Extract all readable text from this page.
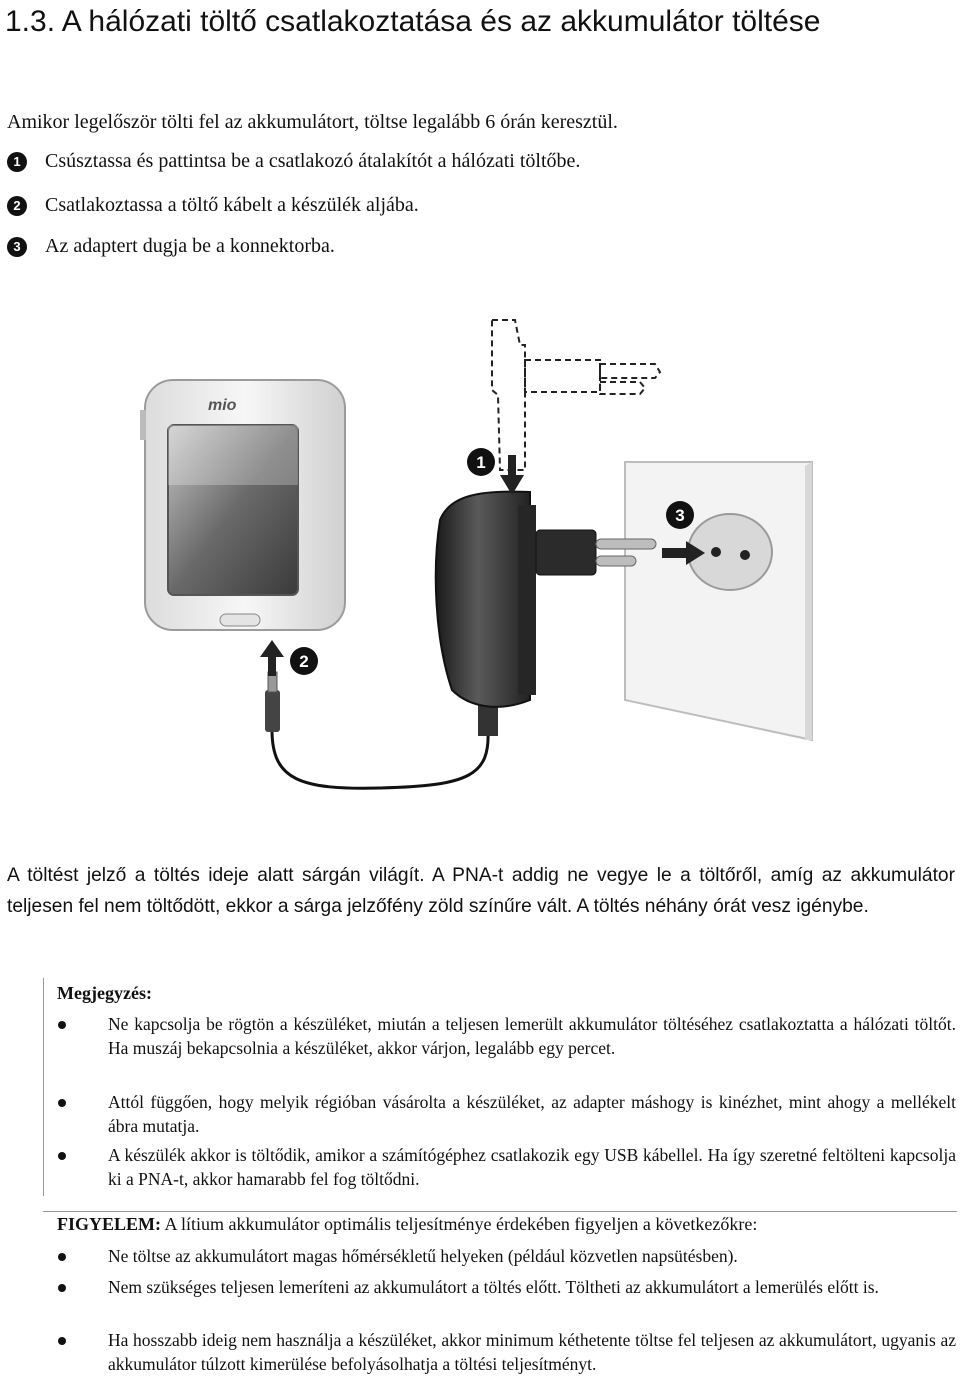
1.3. A hálózati töltő csatlakoztatása és az akkumulátor töltése
Amikor legelőször tölti fel az akkumulátort, töltse legalább 6 órán keresztül.
1 Csúsztassa és pattintsa be a csatlakozó átalakítót a hálózati töltőbe.
2 Csatlakoztassa a töltő kábelt a készülék aljába.
3 Az adaptert dugja be a konnektorba.
mio
1
2
3
A töltést jelző a töltés ideje alatt sárgán világít. A PNA-t addig ne vegye le a töltőről, amíg az akkumulátor teljesen fel nem töltődött, ekkor a sárga jelzőfény zöld színűre vált. A töltés néhány órát vesz igénybe.
Megjegyzés:
Ne kapcsolja be rögtön a készüléket, miután a teljesen lemerült akkumulátor töltéséhez csatlakoztatta a hálózati töltőt. Ha muszáj bekapcsolnia a készüléket, akkor várjon, legalább egy percet.
Attól függően, hogy melyik régióban vásárolta a készüléket, az adapter máshogy is kinézhet, mint ahogy a mellékelt ábra mutatja.
A készülék akkor is töltődik, amikor a számítógéphez csatlakozik egy USB kábellel. Ha így szeretné feltölteni kapcsolja ki a PNA-t, akkor hamarabb fel fog töltődni.
FIGYELEM: A lítium akkumulátor optimális teljesítménye érdekében figyeljen a következőkre:
Ne töltse az akkumulátort magas hőmérsékletű helyeken (például közvetlen napsütésben).
Nem szükséges teljesen lemeríteni az akkumulátort a töltés előtt. Töltheti az akkumulátort a lemerülés előtt is.
Ha hosszabb ideig nem használja a készüléket, akkor minimum kéthetente töltse fel teljesen az akkumulátort, ugyanis az akkumulátor túlzott kimerülése befolyásolhatja a töltési teljesítményt.
